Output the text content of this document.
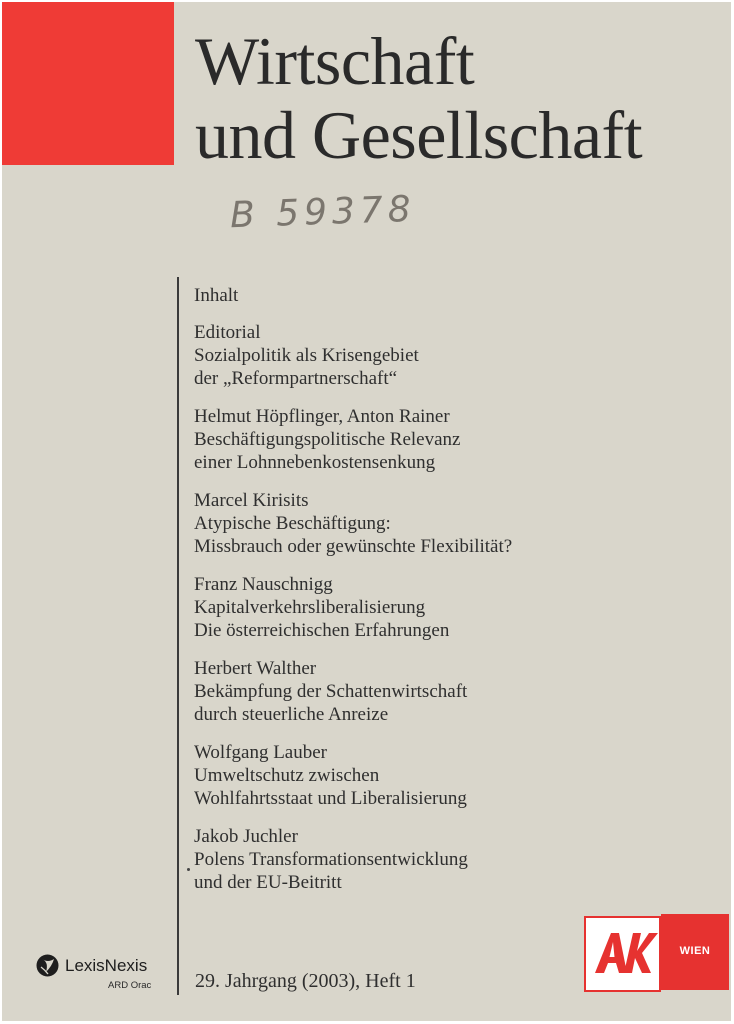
Wirtschaft
und Gesellschaft
B 59378
Inhalt
Editorial
Sozialpolitik als Krisengebiet
der „Reformpartnerschaft“
Helmut Höpflinger, Anton Rainer
Beschäftigungspolitische Relevanz
einer Lohnnebenkostensenkung
Marcel Kirisits
Atypische Beschäftigung:
Missbrauch oder gewünschte Flexibilität?
Franz Nauschnigg
Kapitalverkehrsliberalisierung
Die österreichischen Erfahrungen
Herbert Walther
Bekämpfung der Schattenwirtschaft
durch steuerliche Anreize
Wolfgang Lauber
Umweltschutz zwischen
Wohlfahrtsstaat und Liberalisierung
Jakob Juchler
Polens Transformationsentwicklung
und der EU-Beitritt
LexisNexis
ARD Orac 29. Jahrgang (2003), Heft 1
WIEN
